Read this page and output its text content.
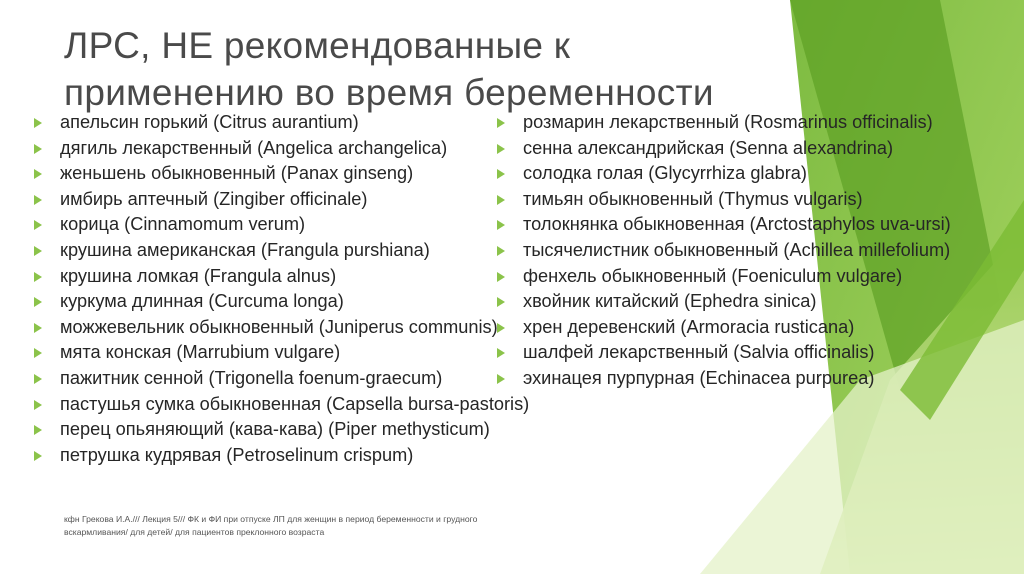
ЛРС, НЕ рекомендованные к
применению во время беременности
апельсин горький (Citrus aurantium)
дягиль лекарственный (Angelica archangelica)
женьшень обыкновенный (Panax ginseng)
имбирь аптечный (Zingiber officinale)
корица (Cinnamomum verum)
крушина американская (Frangula purshiana)
крушина ломкая (Frangula alnus)
куркума длинная (Curcuma longa)
можжевельник обыкновенный (Juniperus communis)
мята конская (Marrubium vulgare)
пажитник сенной (Trigonella foenum-graecum)
пастушья сумка обыкновенная (Capsella bursa-pastoris)
перец опьяняющий (кава-кава) (Piper methysticum)
петрушка кудрявая (Petroselinum crispum)
розмарин лекарственный (Rosmarinus officinalis)
сенна александрийская (Senna alexandrina)
солодка голая (Glycyrrhiza glabra)
тимьян обыкновенный (Thymus vulgaris)
толокнянка обыкновенная (Arctostaphylos uva-ursi)
тысячелистник обыкновенный (Achillea millefolium)
фенхель обыкновенный (Foeniculum vulgare)
хвойник китайский (Ephedra sinica)
хрен деревенский (Armoracia rusticana)
шалфей лекарственный (Salvia officinalis)
эхинацея пурпурная (Echinacea purpurea)
кфн Грекова И.А./// Лекция 5/// ФК и ФИ при отпуске ЛП для женщин в период беременности и грудного
вскармливания/ для детей/ для пациентов преклонного возраста
